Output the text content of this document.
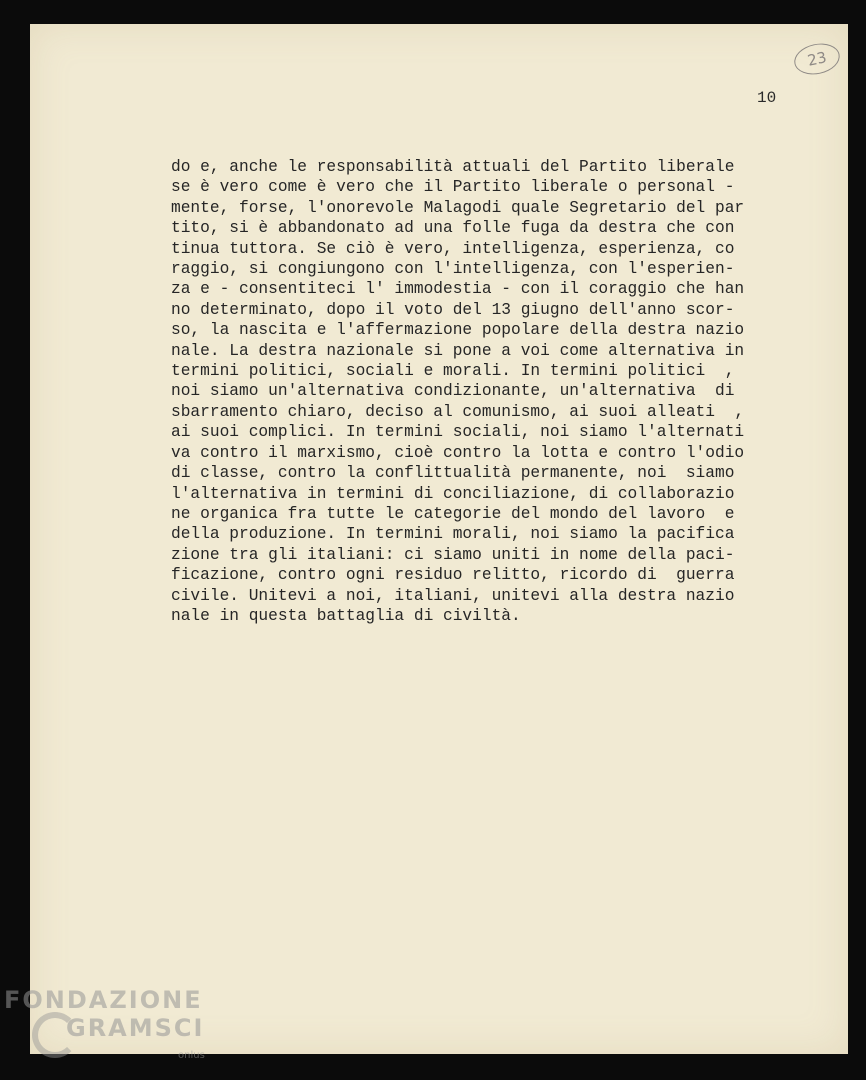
23
10
do e, anche le responsabilità attuali del Partito liberale
se è vero come è vero che il Partito liberale o personal -
mente, forse, l'onorevole Malagodi quale Segretario del par
tito, si è abbandonato ad una folle fuga da destra che con
tinua tuttora. Se ciò è vero, intelligenza, esperienza, co
raggio, si congiungono con l'intelligenza, con l'esperien-
za e - consentiteci l' immodestia - con il coraggio che han
no determinato, dopo il voto del 13 giugno dell'anno scor-
so, la nascita e l'affermazione popolare della destra nazio
nale. La destra nazionale si pone a voi come alternativa in
termini politici, sociali e morali. In termini politici  ,
noi siamo un'alternativa condizionante, un'alternativa  di
sbarramento chiaro, deciso al comunismo, ai suoi alleati  ,
ai suoi complici. In termini sociali, noi siamo l'alternati
va contro il marxismo, cioè contro la lotta e contro l'odio
di classe, contro la conflittualità permanente, noi  siamo
l'alternativa in termini di conciliazione, di collaborazio
ne organica fra tutte le categorie del mondo del lavoro  e
della produzione. In termini morali, noi siamo la pacifica
zione tra gli italiani: ci siamo uniti in nome della paci-
ficazione, contro ogni residuo relitto, ricordo di  guerra
civile. Unitevi a noi, italiani, unitevi alla destra nazio
nale in questa battaglia di civiltà.
FONDAZIONE
GRAMSCI
onlus
